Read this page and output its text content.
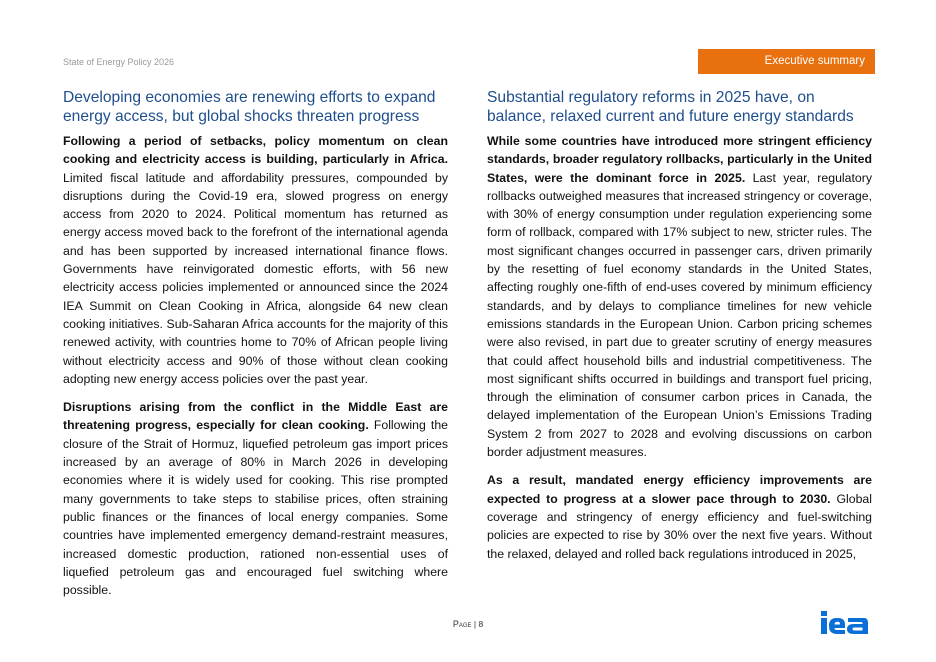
State of Energy Policy 2026	Executive summary
Developing economies are renewing efforts to expand energy access, but global shocks threaten progress

Following a period of setbacks, policy momentum on clean cooking and electricity access is building, particularly in Africa. Limited fiscal latitude and affordability pressures, compounded by disruptions during the Covid-19 era, slowed progress on energy access from 2020 to 2024. Political momentum has returned as energy access moved back to the forefront of the international agenda and has been supported by increased international finance flows. Governments have reinvigorated domestic efforts, with 56 new electricity access policies implemented or announced since the 2024 IEA Summit on Clean Cooking in Africa, alongside 64 new clean cooking initiatives. Sub-Saharan Africa accounts for the majority of this renewed activity, with countries home to 70% of African people living without electricity access and 90% of those without clean cooking adopting new energy access policies over the past year.

Disruptions arising from the conflict in the Middle East are threatening progress, especially for clean cooking. Following the closure of the Strait of Hormuz, liquefied petroleum gas import prices increased by an average of 80% in March 2026 in developing economies where it is widely used for cooking. This rise prompted many governments to take steps to stabilise prices, often straining public finances or the finances of local energy companies. Some countries have implemented emergency demand-restraint measures, increased domestic production, rationed non-essential uses of liquefied petroleum gas and encouraged fuel switching where possible.

Substantial regulatory reforms in 2025 have, on balance, relaxed current and future energy standards

While some countries have introduced more stringent efficiency standards, broader regulatory rollbacks, particularly in the United States, were the dominant force in 2025. Last year, regulatory rollbacks outweighed measures that increased stringency or coverage, with 30% of energy consumption under regulation experiencing some form of rollback, compared with 17% subject to new, stricter rules. The most significant changes occurred in passenger cars, driven primarily by the resetting of fuel economy standards in the United States, affecting roughly one-fifth of end-uses covered by minimum efficiency standards, and by delays to compliance timelines for new vehicle emissions standards in the European Union. Carbon pricing schemes were also revised, in part due to greater scrutiny of energy measures that could affect household bills and industrial competitiveness. The most significant shifts occurred in buildings and transport fuel pricing, through the elimination of consumer carbon prices in Canada, the delayed implementation of the European Union’s Emissions Trading System 2 from 2027 to 2028 and evolving discussions on carbon border adjustment measures.

As a result, mandated energy efficiency improvements are expected to progress at a slower pace through to 2030. Global coverage and stringency of energy efficiency and fuel-switching policies are expected to rise by 30% over the next five years. Without the relaxed, delayed and rolled back regulations introduced in 2025,

Page | 8
